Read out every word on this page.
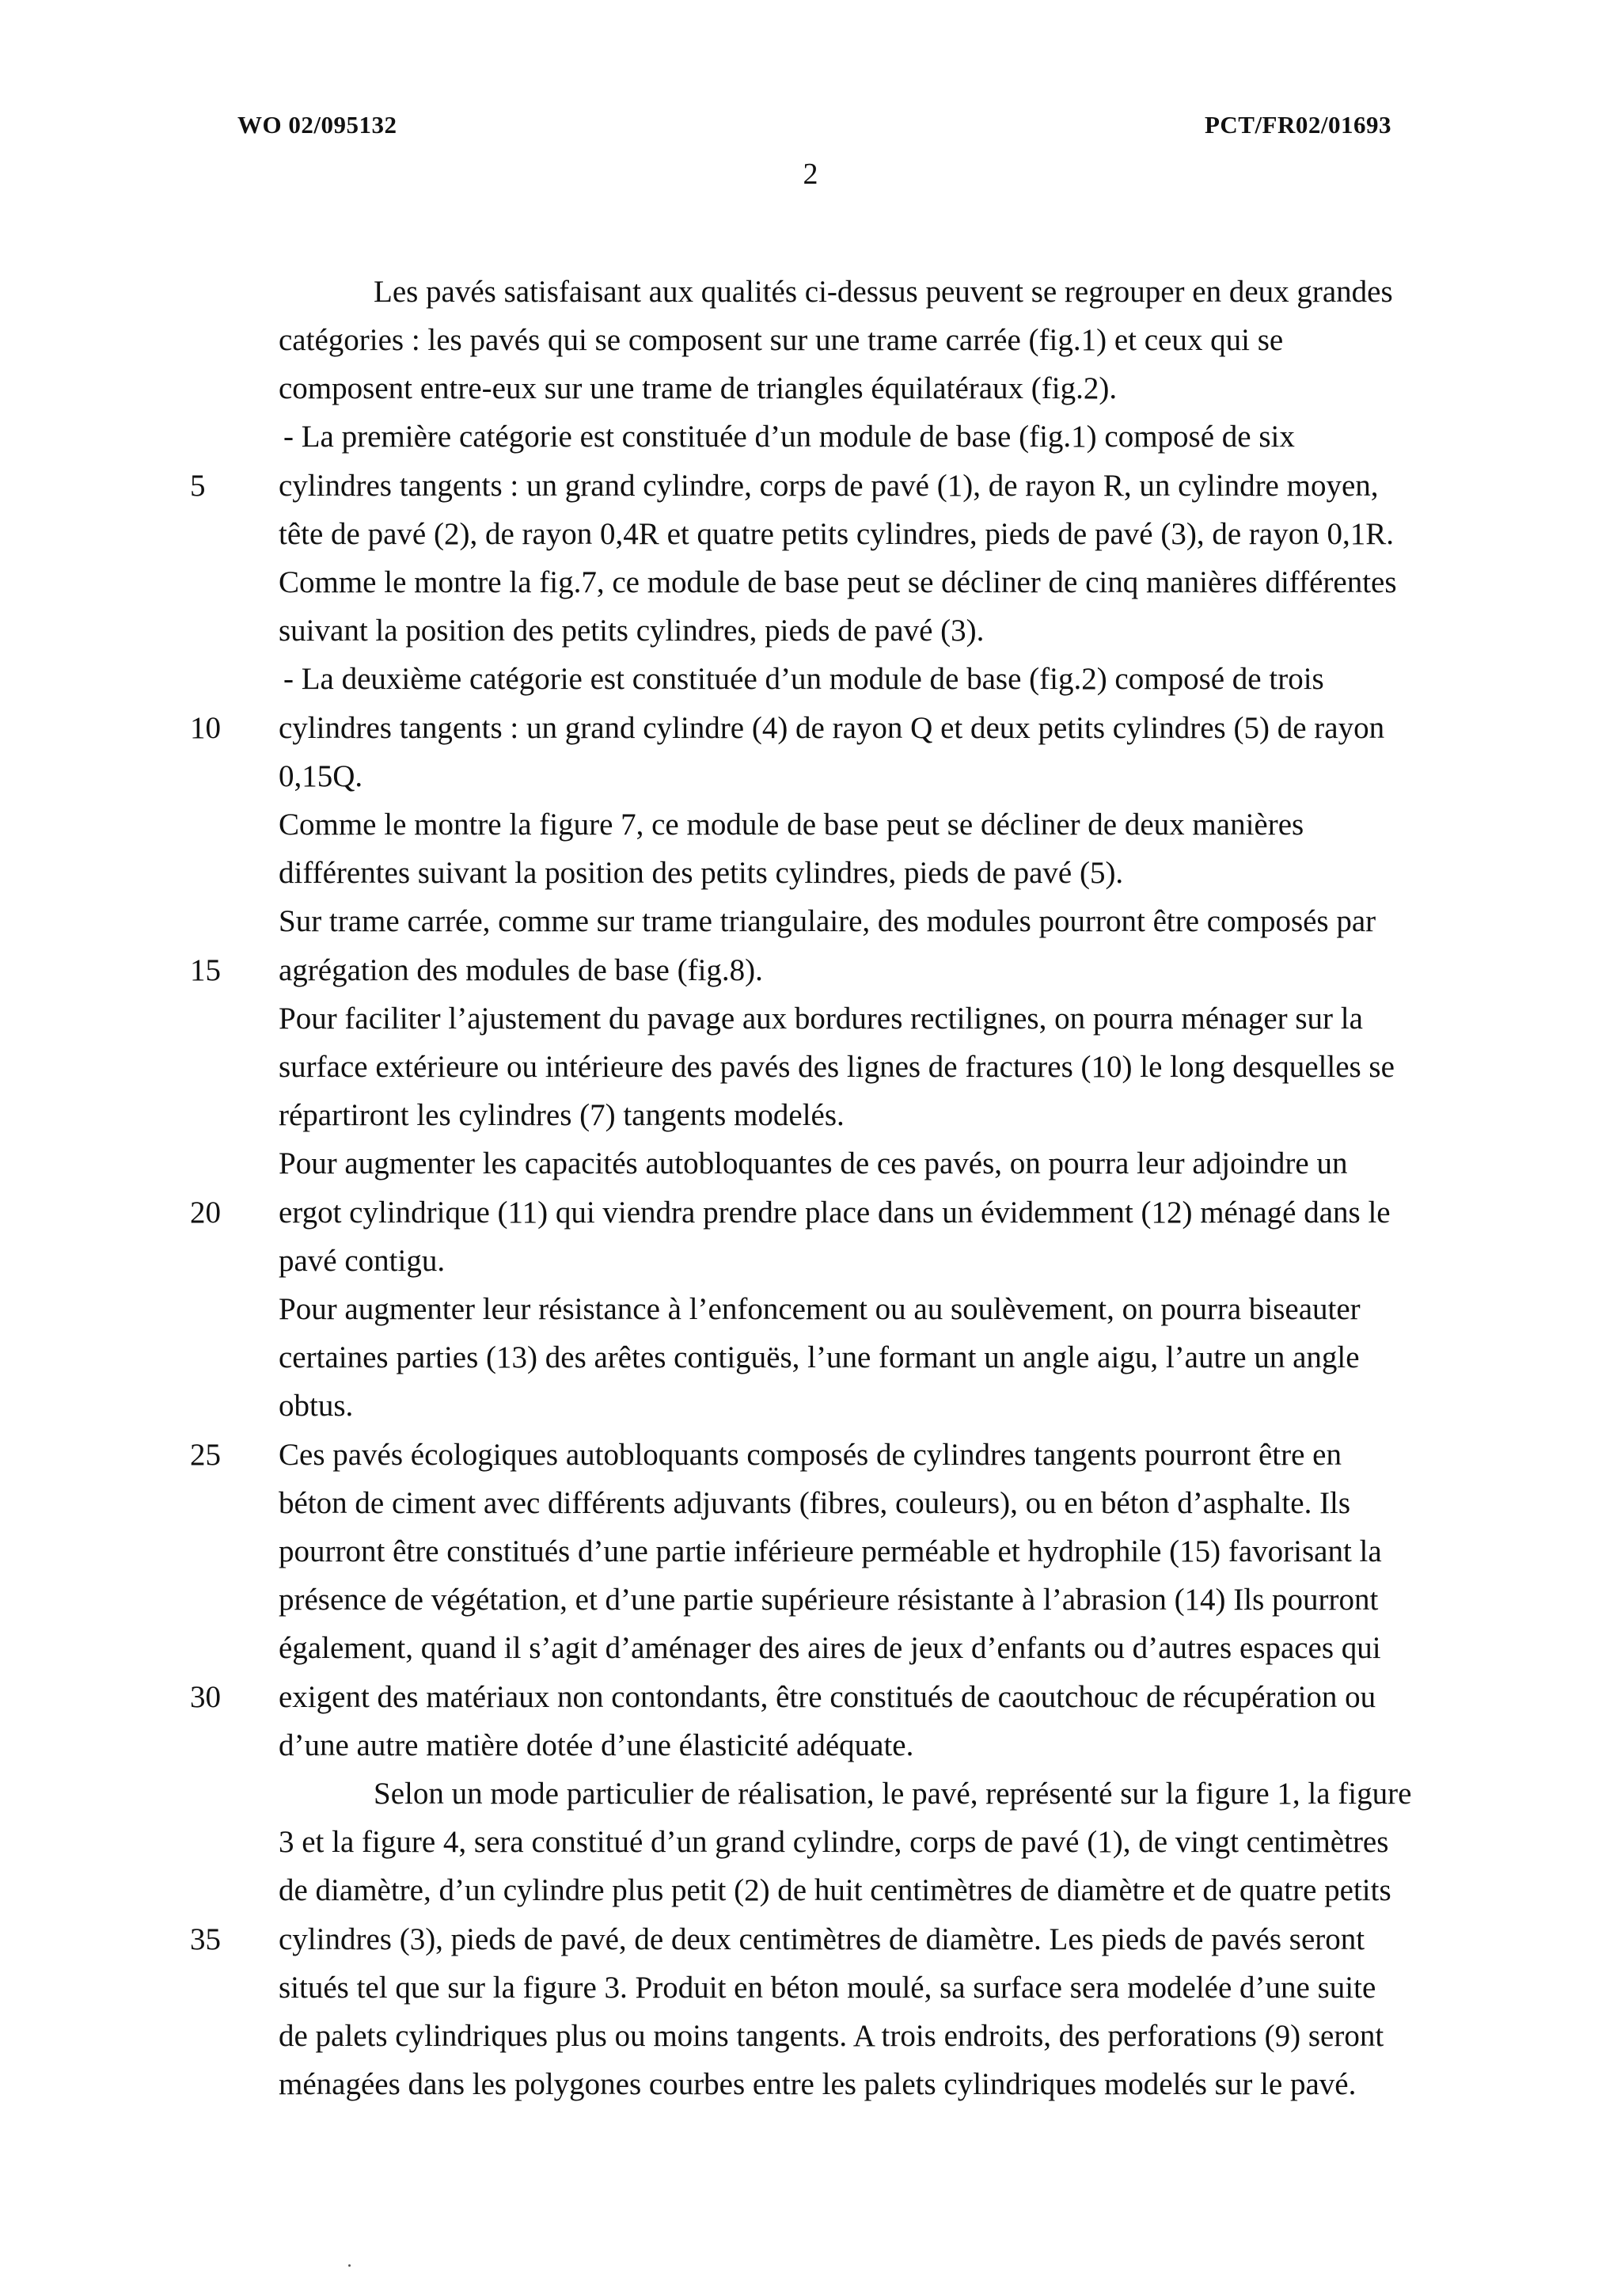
WO 02/095132	PCT/FR02/01693
2
Les pavés satisfaisant aux qualités ci-dessus peuvent se regrouper en deux grandes
catégories : les pavés qui se composent sur une trame carrée (fig.1) et ceux qui se
composent entre-eux sur une trame de triangles équilatéraux (fig.2).
- La première catégorie est constituée d’un module de base (fig.1) composé de six
cylindres tangents : un grand cylindre, corps de pavé (1), de rayon R, un cylindre moyen,
tête de pavé (2), de rayon 0,4R et quatre petits cylindres, pieds de pavé (3), de rayon 0,1R.
Comme le montre la fig.7, ce module de base peut se décliner de cinq manières différentes
suivant la position des petits cylindres, pieds de pavé (3).
- La deuxième catégorie est constituée d’un module de base (fig.2) composé de trois
cylindres tangents : un grand cylindre (4) de rayon Q et deux petits cylindres (5) de rayon
0,15Q.
Comme le montre la figure 7, ce module de base peut se décliner de deux manières
différentes suivant la position des petits cylindres, pieds de pavé (5).
Sur trame carrée, comme sur trame triangulaire, des modules pourront être composés par
agrégation des modules de base (fig.8).
Pour faciliter l’ajustement du pavage aux bordures rectilignes, on pourra ménager sur la
surface extérieure ou intérieure des pavés des lignes de fractures (10) le long desquelles se
répartiront les cylindres (7) tangents modelés.
Pour augmenter les capacités autobloquantes de ces pavés, on pourra leur adjoindre un
ergot cylindrique (11) qui viendra prendre place dans un évidemment (12) ménagé dans le
pavé contigu.
Pour augmenter leur résistance à l’enfoncement ou au soulèvement, on pourra biseauter
certaines parties (13) des arêtes contiguës, l’une formant un angle aigu, l’autre un angle
obtus.
Ces pavés écologiques autobloquants composés de cylindres tangents pourront être en
béton de ciment avec différents adjuvants (fibres, couleurs), ou en béton d’asphalte. Ils
pourront être constitués d’une partie inférieure perméable et hydrophile (15) favorisant la
présence de végétation, et d’une partie supérieure résistante à l’abrasion (14) Ils pourront
également, quand il s’agit d’aménager des aires de jeux d’enfants ou d’autres espaces qui
exigent des matériaux non contondants, être constitués de caoutchouc de récupération ou
d’une autre matière dotée d’une élasticité adéquate.
Selon un mode particulier de réalisation, le pavé, représenté sur la figure 1, la figure
3 et la figure 4, sera constitué d’un grand cylindre, corps de pavé (1), de vingt centimètres
de diamètre, d’un cylindre plus petit (2) de huit centimètres de diamètre et de quatre petits
cylindres (3), pieds de pavé, de deux centimètres de diamètre. Les pieds de pavés seront
situés tel que sur la figure 3. Produit en béton moulé, sa surface sera modelée d’une suite
de palets cylindriques plus ou moins tangents. A trois endroits, des perforations (9) seront
ménagées dans les polygones courbes entre les palets cylindriques modelés sur le pavé.
5
10
15
20
25
30
35
